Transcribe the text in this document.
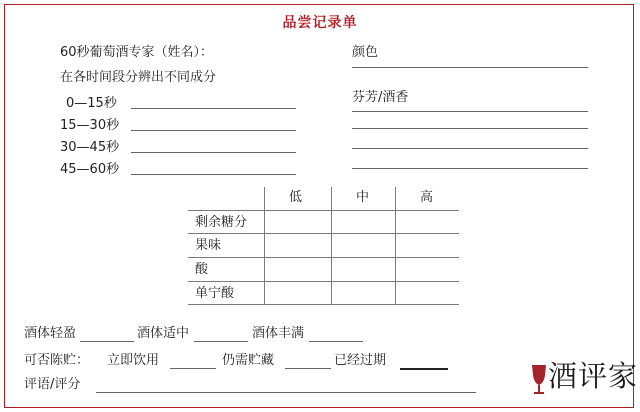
品尝记录单
60秒葡萄酒专家（姓名）：
在各时间段分辨出不同成分
0—15秒
15—30秒
30—45秒
45—60秒
颜色
芬芳/酒香
低	中	高
剩余糖分
果味
酸
单宁酸
酒体轻盈	酒体适中	酒体丰满
可否陈贮： 立即饮用	仍需贮藏	已经过期
评语/评分	酒评家
